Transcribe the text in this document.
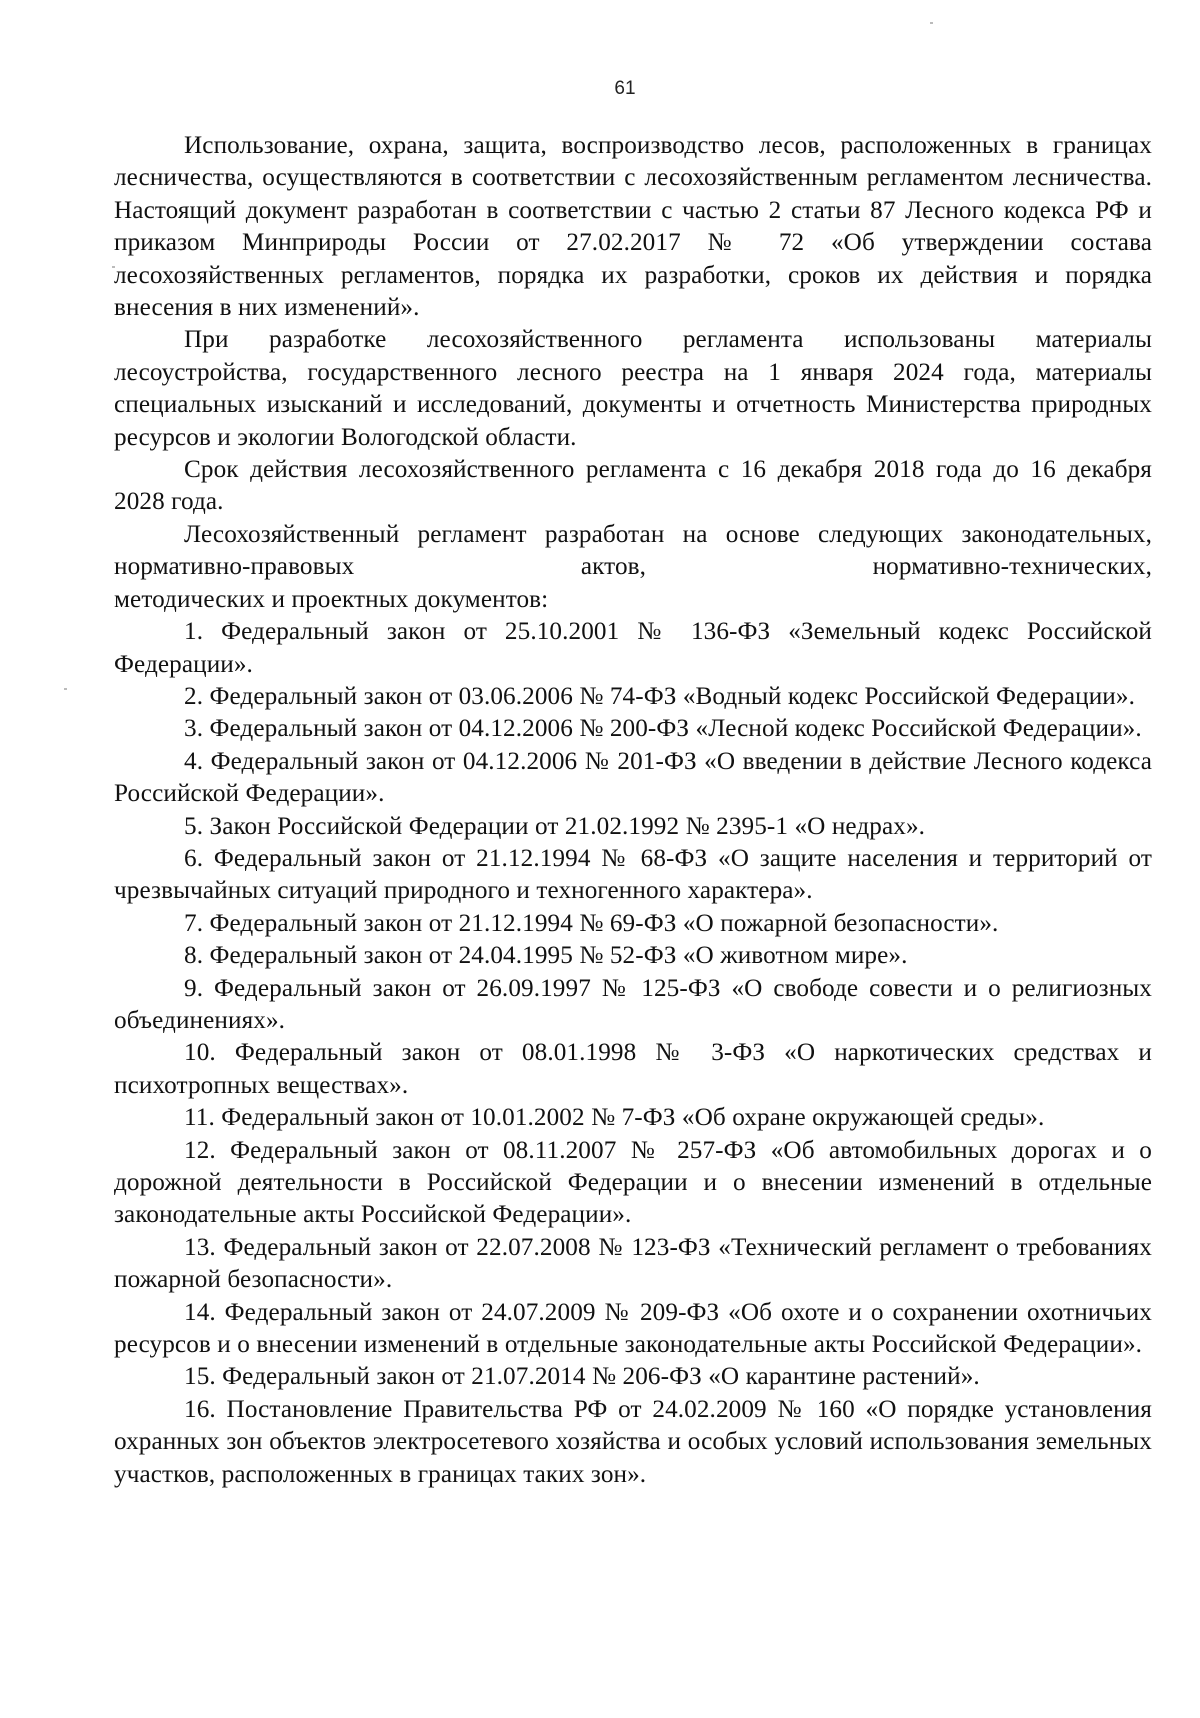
61

Использование, охрана, защита, воспроизводство лесов, расположенных в границах лесничества, осуществляются в соответствии с лесохозяйственным регламентом лесничества. Настоящий документ разработан в соответствии с частью 2 статьи 87 Лесного кодекса РФ и приказом Минприроды России от 27.02.2017 № 72 «Об утверждении состава лесохозяйственных регламентов, порядка их разработки, сроков их действия и порядка внесения в них изменений».

При разработке лесохозяйственного регламента использованы материалы лесоустройства, государственного лесного реестра на 1 января 2024 года, материалы специальных изысканий и исследований, документы и отчетность Министерства природных ресурсов и экологии Вологодской области.

Срок действия лесохозяйственного регламента с 16 декабря 2018 года до 16 декабря 2028 года.

Лесохозяйственный регламент разработан на основе следующих законодательных, нормативно-правовых актов, нормативно-технических,

методических и проектных документов:

1. Федеральный закон от 25.10.2001 № 136-ФЗ «Земельный кодекс Российской Федерации».

2. Федеральный закон от 03.06.2006 № 74-ФЗ «Водный кодекс Российской Федерации».

3. Федеральный закон от 04.12.2006 № 200-ФЗ «Лесной кодекс Российской Федерации».

4. Федеральный закон от 04.12.2006 № 201-ФЗ «О введении в действие Лесного кодекса Российской Федерации».

5. Закон Российской Федерации от 21.02.1992 № 2395-1 «О недрах».

6. Федеральный закон от 21.12.1994 № 68-ФЗ «О защите населения и территорий от чрезвычайных ситуаций природного и техногенного характера».

7. Федеральный закон от 21.12.1994 № 69-ФЗ «О пожарной безопасности».

8. Федеральный закон от 24.04.1995 № 52-ФЗ «О животном мире».

9. Федеральный закон от 26.09.1997 № 125-ФЗ «О свободе совести и о религиозных объединениях».

10. Федеральный закон от 08.01.1998 № 3-ФЗ «О наркотических средствах и психотропных веществах».

11. Федеральный закон от 10.01.2002 № 7-ФЗ «Об охране окружающей среды».

12. Федеральный закон от 08.11.2007 № 257-ФЗ «Об автомобильных дорогах и о дорожной деятельности в Российской Федерации и о внесении изменений в отдельные законодательные акты Российской Федерации».

13. Федеральный закон от 22.07.2008 № 123-ФЗ «Технический регламент о требованиях пожарной безопасности».

14. Федеральный закон от 24.07.2009 № 209-ФЗ «Об охоте и о сохранении охотничьих ресурсов и о внесении изменений в отдельные законодательные акты Российской Федерации».

15. Федеральный закон от 21.07.2014 № 206-ФЗ «О карантине растений».

16. Постановление Правительства РФ от 24.02.2009 № 160 «О порядке установления охранных зон объектов электросетевого хозяйства и особых условий использования земельных участков, расположенных в границах таких зон».
